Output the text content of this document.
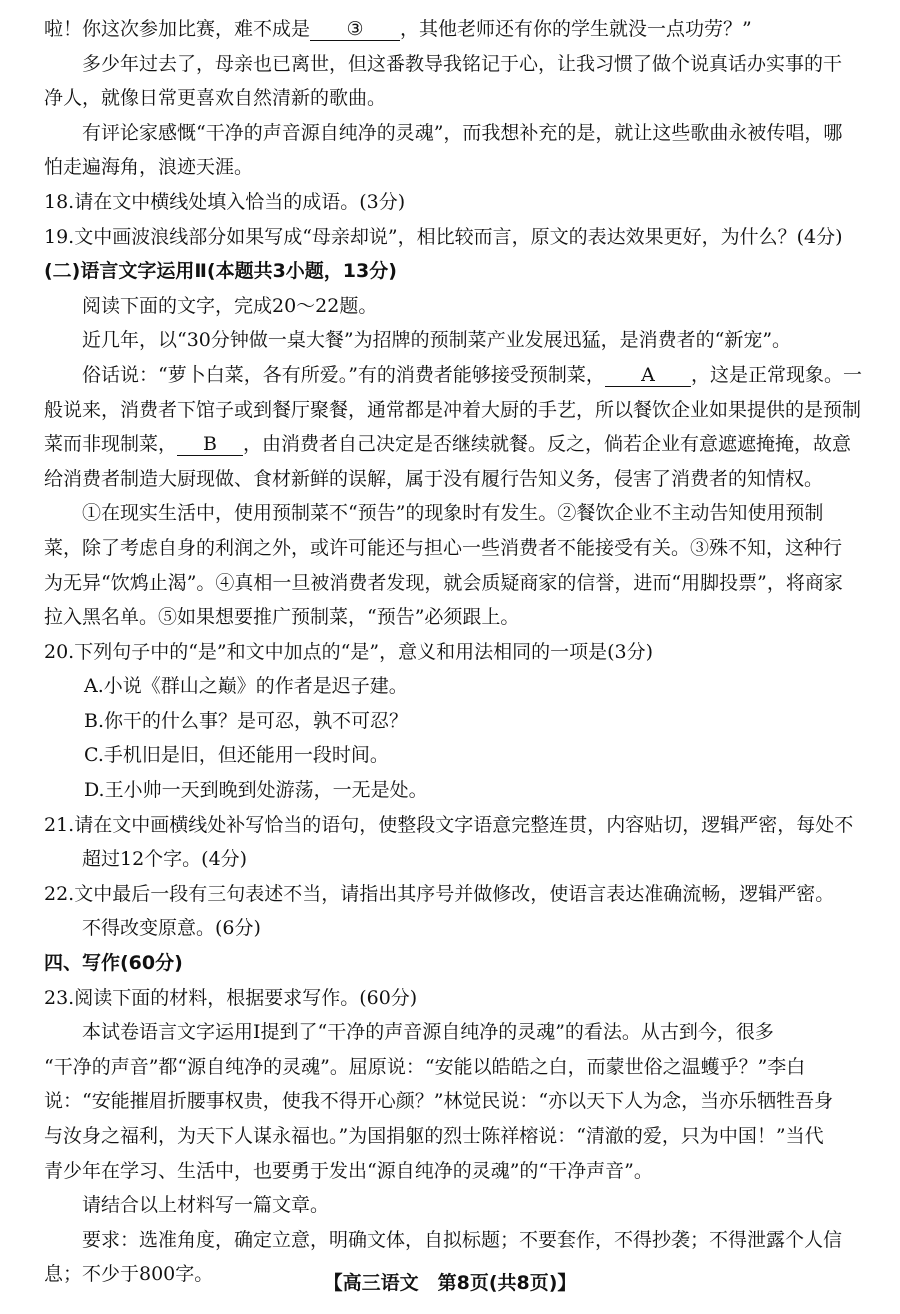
啦！你这次参加比赛，难不成是 ③ ，其他老师还有你的学生就没一点功劳？”
多少年过去了，母亲也已离世，但这番教导我铭记于心，让我习惯了做个说真话办实事的干
净人，就像日常更喜欢自然清新的歌曲。
有评论家感慨“干净的声音源自纯净的灵魂”，而我想补充的是，就让这些歌曲永被传唱，哪
怕走遍海角，浪迹天涯。
18.请在文中横线处填入恰当的成语。(3分)
19.文中画波浪线部分如果写成“母亲却说”，相比较而言，原文的表达效果更好，为什么？(4分)
(二)语言文字运用Ⅱ(本题共3小题，13分)
阅读下面的文字，完成20～22题。
近几年，以“30分钟做一桌大餐”为招牌的预制菜产业发展迅猛，是消费者的“新宠”。
俗话说：“萝卜白菜，各有所爱。”有的消费者能够接受预制菜， A ，这是正常现象。一
般说来，消费者下馆子或到餐厅聚餐，通常都是冲着大厨的手艺，所以餐饮企业如果提供的是预制
菜而非现制菜， B ，由消费者自己决定是否继续就餐。反之，倘若企业有意遮遮掩掩，故意
给消费者制造大厨现做、食材新鲜的误解，属于没有履行告知义务，侵害了消费者的知情权。
①在现实生活中，使用预制菜不“预告”的现象时有发生。②餐饮企业不主动告知使用预制
菜，除了考虑自身的利润之外，或许可能还与担心一些消费者不能接受有关。③殊不知，这种行
为无异“饮鸩止渴”。④真相一旦被消费者发现，就会质疑商家的信誉，进而“用脚投票”，将商家
拉入黑名单。⑤如果想要推广预制菜，“预告”必须跟上。
20.下列句子中的“是”和文中加点的“是”，意义和用法相同的一项是(3分)
A.小说《群山之巅》的作者是迟子建。
B.你干的什么事？是可忍，孰不可忍？
C.手机旧是旧，但还能用一段时间。
D.王小帅一天到晚到处游荡，一无是处。
21.请在文中画横线处补写恰当的语句，使整段文字语意完整连贯，内容贴切，逻辑严密，每处不
超过12个字。(4分)
22.文中最后一段有三句表述不当，请指出其序号并做修改，使语言表达准确流畅，逻辑严密。
不得改变原意。(6分)
四、写作(60分)
23.阅读下面的材料，根据要求写作。(60分)
本试卷语言文字运用Ⅰ提到了“干净的声音源自纯净的灵魂”的看法。从古到今，很多
“干净的声音”都“源自纯净的灵魂”。屈原说：“安能以皓皓之白，而蒙世俗之温蠖乎？”李白
说：“安能摧眉折腰事权贵，使我不得开心颜？”林觉民说：“亦以天下人为念，当亦乐牺牲吾身
与汝身之福利，为天下人谋永福也。”为国捐躯的烈士陈祥榕说：“清澈的爱，只为中国！”当代
青少年在学习、生活中，也要勇于发出“源自纯净的灵魂”的“干净声音”。
请结合以上材料写一篇文章。
要求：选准角度，确定立意，明确文体，自拟标题；不要套作，不得抄袭；不得泄露个人信
息；不少于800字。	【高三语文　第8页(共8页)】
